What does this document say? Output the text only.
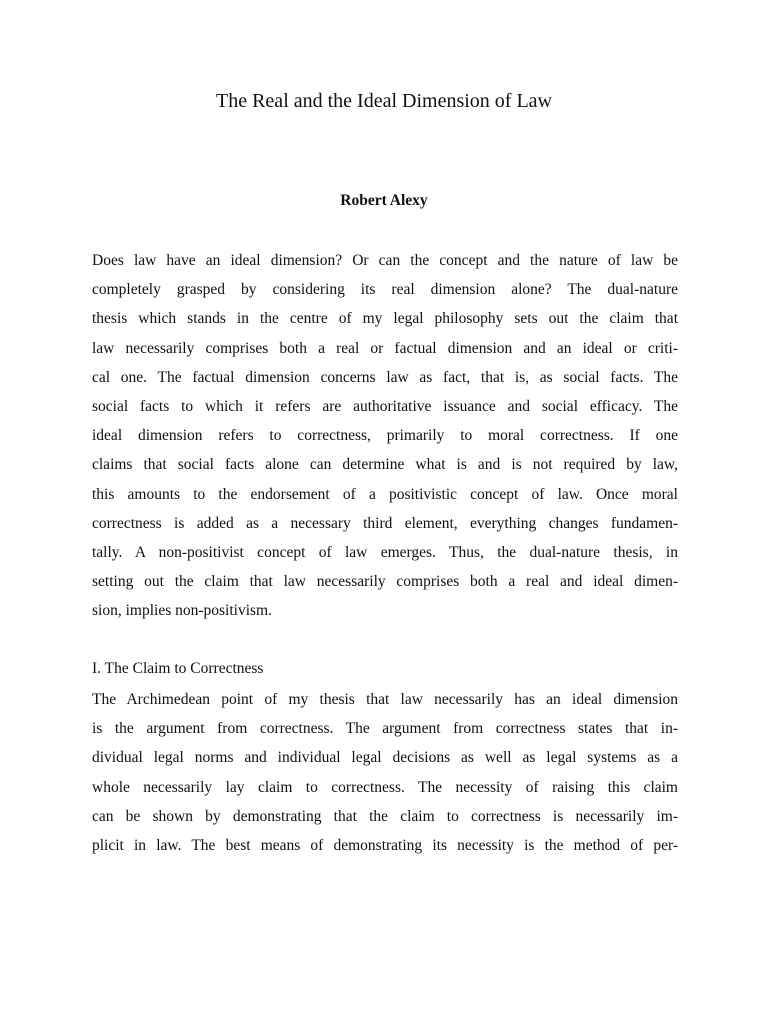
The Real and the Ideal Dimension of Law

Robert Alexy

Does law have an ideal dimension? Or can the concept and the nature of law be
completely grasped by considering its real dimension alone? The dual-nature
thesis which stands in the centre of my legal philosophy sets out the claim that
law necessarily comprises both a real or factual dimension and an ideal or criti-
cal one. The factual dimension concerns law as fact, that is, as social facts. The
social facts to which it refers are authoritative issuance and social efficacy. The
ideal dimension refers to correctness, primarily to moral correctness. If one
claims that social facts alone can determine what is and is not required by law,
this amounts to the endorsement of a positivistic concept of law. Once moral
correctness is added as a necessary third element, everything changes fundamen-
tally. A non-positivist concept of law emerges. Thus, the dual-nature thesis, in
setting out the claim that law necessarily comprises both a real and ideal dimen-
sion, implies non-positivism.
I. The Claim to Correctness
The Archimedean point of my thesis that law necessarily has an ideal dimension
is the argument from correctness. The argument from correctness states that in-
dividual legal norms and individual legal decisions as well as legal systems as a
whole necessarily lay claim to correctness. The necessity of raising this claim
can be shown by demonstrating that the claim to correctness is necessarily im-
plicit in law. The best means of demonstrating its necessity is the method of per-
